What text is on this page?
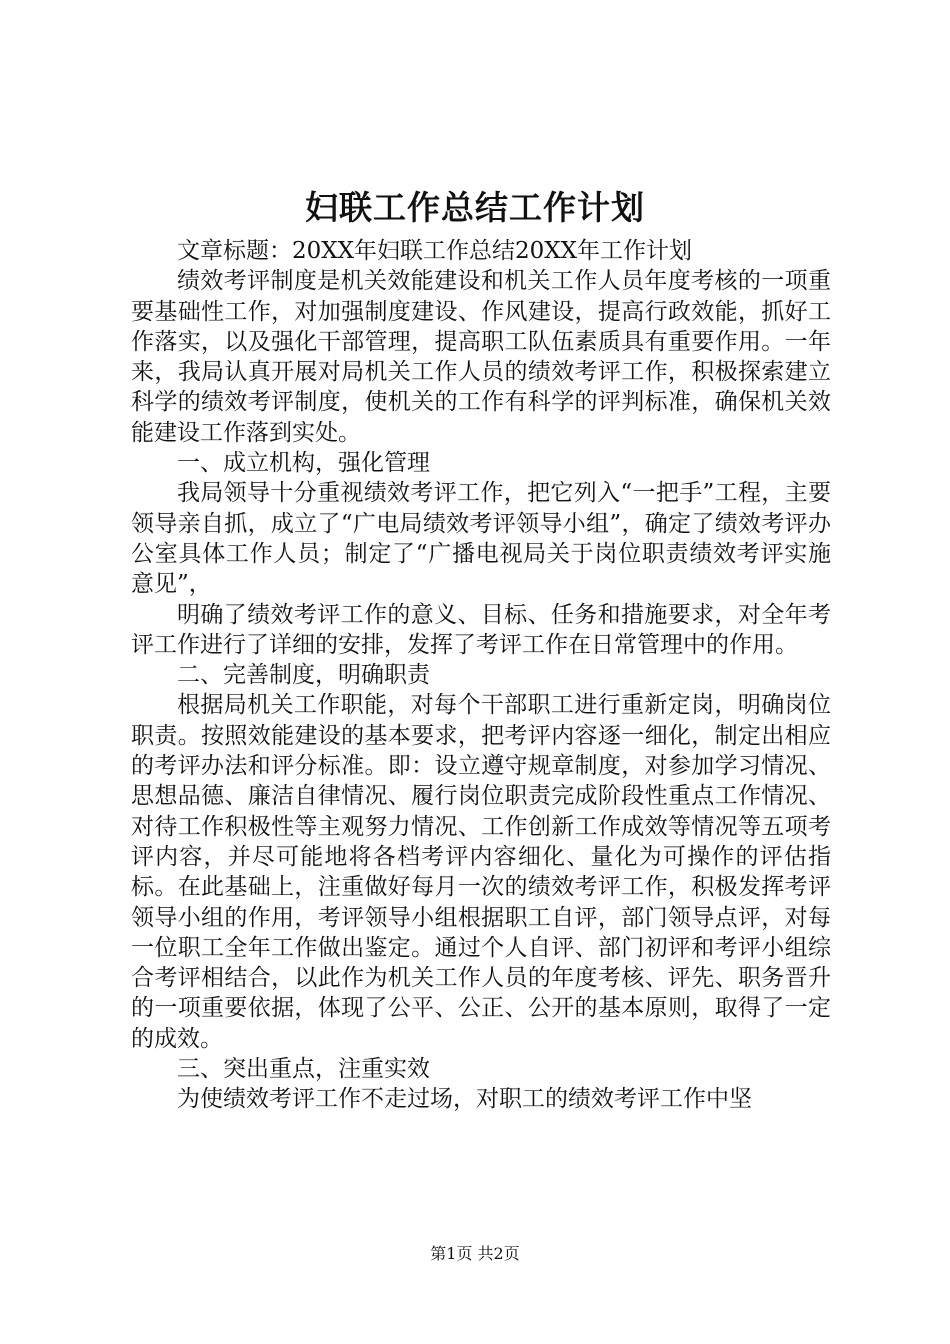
妇联工作总结工作计划

文章标题：20XX年妇联工作总结20XX年工作计划

绩效考评制度是机关效能建设和机关工作人员年度考核的一项重要基础性工作，对加强制度建设、作风建设，提高行政效能，抓好工作落实，以及强化干部管理，提高职工队伍素质具有重要作用。一年来，我局认真开展对局机关工作人员的绩效考评工作，积极探索建立科学的绩效考评制度，使机关的工作有科学的评判标准，确保机关效能建设工作落到实处。

一、成立机构，强化管理

我局领导十分重视绩效考评工作，把它列入“一把手”工程，主要领导亲自抓，成立了“广电局绩效考评领导小组”，确定了绩效考评办公室具体工作人员；制定了“广播电视局关于岗位职责绩效考评实施意见”，

明确了绩效考评工作的意义、目标、任务和措施要求，对全年考评工作进行了详细的安排，发挥了考评工作在日常管理中的作用。

二、完善制度，明确职责

根据局机关工作职能，对每个干部职工进行重新定岗，明确岗位职责。按照效能建设的基本要求，把考评内容逐一细化，制定出相应的考评办法和评分标准。即：设立遵守规章制度，对参加学习情况、思想品德、廉洁自律情况、履行岗位职责完成阶段性重点工作情况、对待工作积极性等主观努力情况、工作创新工作成效等情况等五项考评内容，并尽可能地将各档考评内容细化、量化为可操作的评估指标。在此基础上，注重做好每月一次的绩效考评工作，积极发挥考评领导小组的作用，考评领导小组根据职工自评，部门领导点评，对每一位职工全年工作做出鉴定。通过个人自评、部门初评和考评小组综合考评相结合，以此作为机关工作人员的年度考核、评先、职务晋升的一项重要依据，体现了公平、公正、公开的基本原则，取得了一定的成效。

三、突出重点，注重实效

为使绩效考评工作不走过场，对职工的绩效考评工作中坚

第1页 共2页
